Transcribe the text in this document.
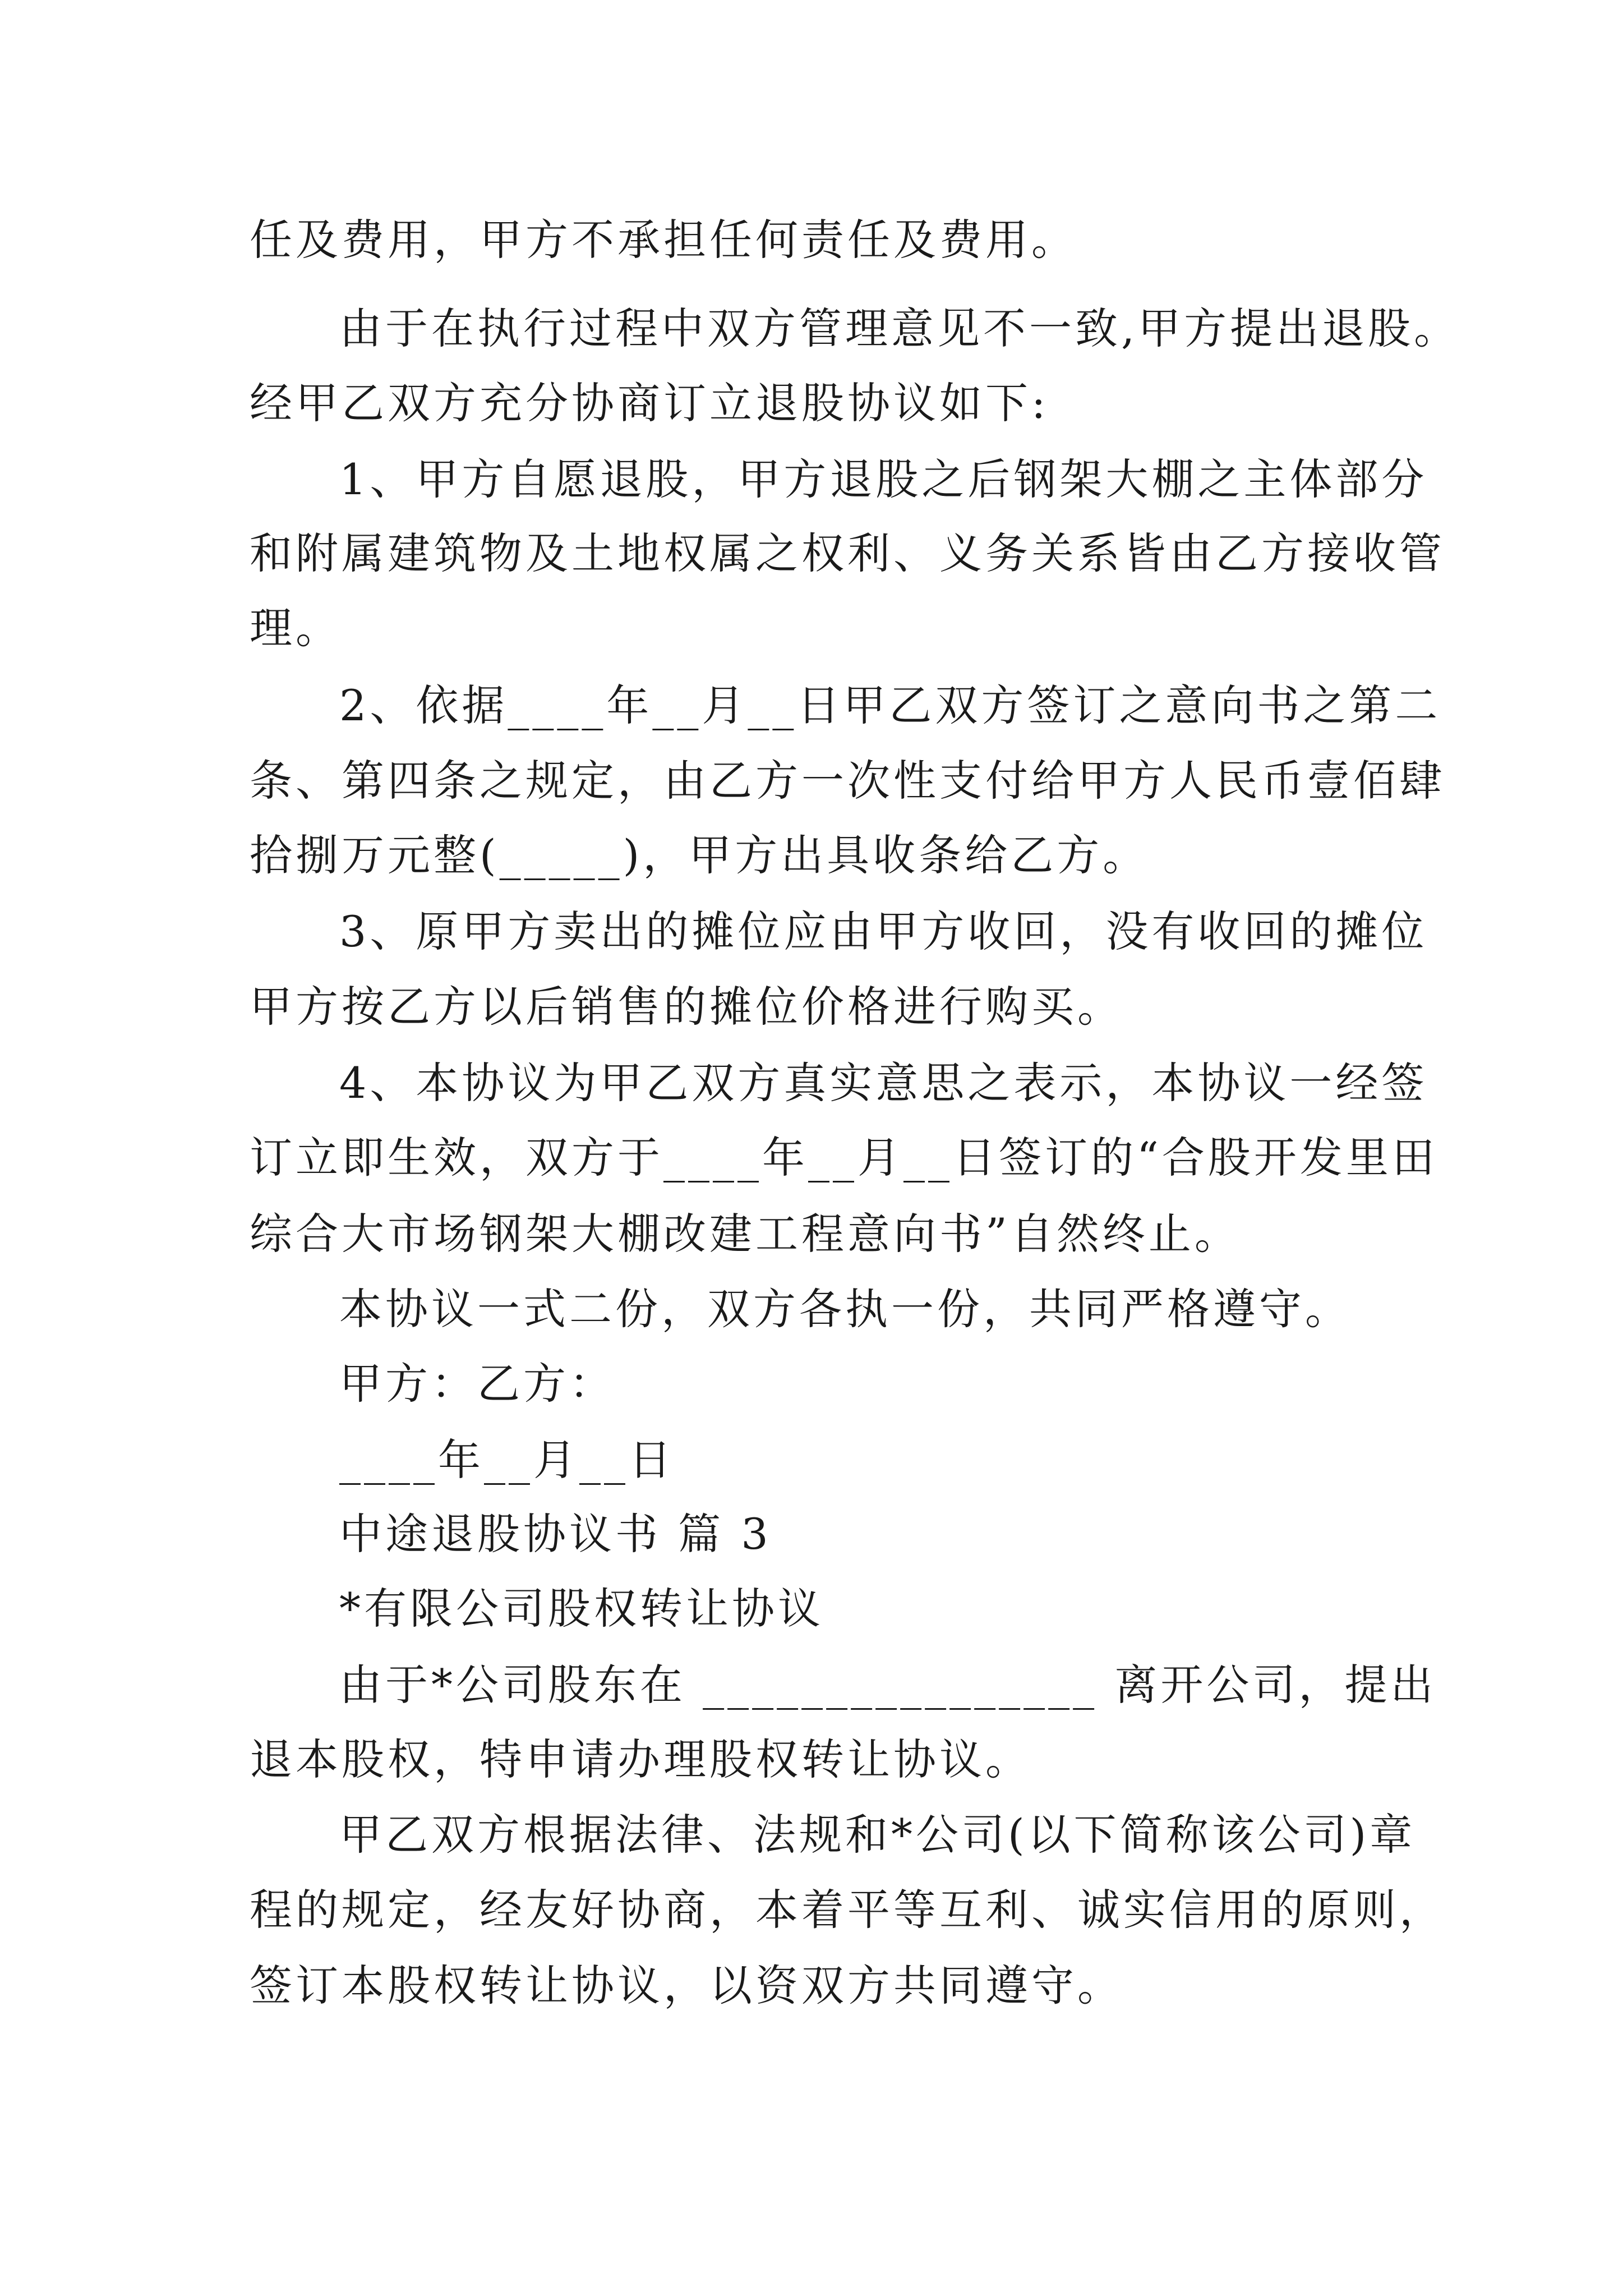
任及费用，甲方不承担任何责任及费用。
由于在执行过程中双方管理意见不一致,甲方提出退股。
经甲乙双方充分协商订立退股协议如下:
1、甲方自愿退股，甲方退股之后钢架大棚之主体部分
和附属建筑物及土地权属之权利、义务关系皆由乙方接收管
理。
2、依据____年__月__日甲乙双方签订之意向书之第二
条、第四条之规定，由乙方一次性支付给甲方人民币壹佰肆
拾捌万元整(_____)，甲方出具收条给乙方。
3、原甲方卖出的摊位应由甲方收回，没有收回的摊位
甲方按乙方以后销售的摊位价格进行购买。
4、本协议为甲乙双方真实意思之表示，本协议一经签
订立即生效，双方于____年__月__日签订的“合股开发里田
综合大市场钢架大棚改建工程意向书”自然终止。
本协议一式二份，双方各执一份，共同严格遵守。
甲方：乙方：
____年__月__日
中途退股协议书 篇 3
*有限公司股权转让协议
由于*公司股东在 ________________ 离开公司，提出
退本股权，特申请办理股权转让协议。
甲乙双方根据法律、法规和*公司(以下简称该公司)章
程的规定，经友好协商，本着平等互利、诚实信用的原则，
签订本股权转让协议，以资双方共同遵守。
